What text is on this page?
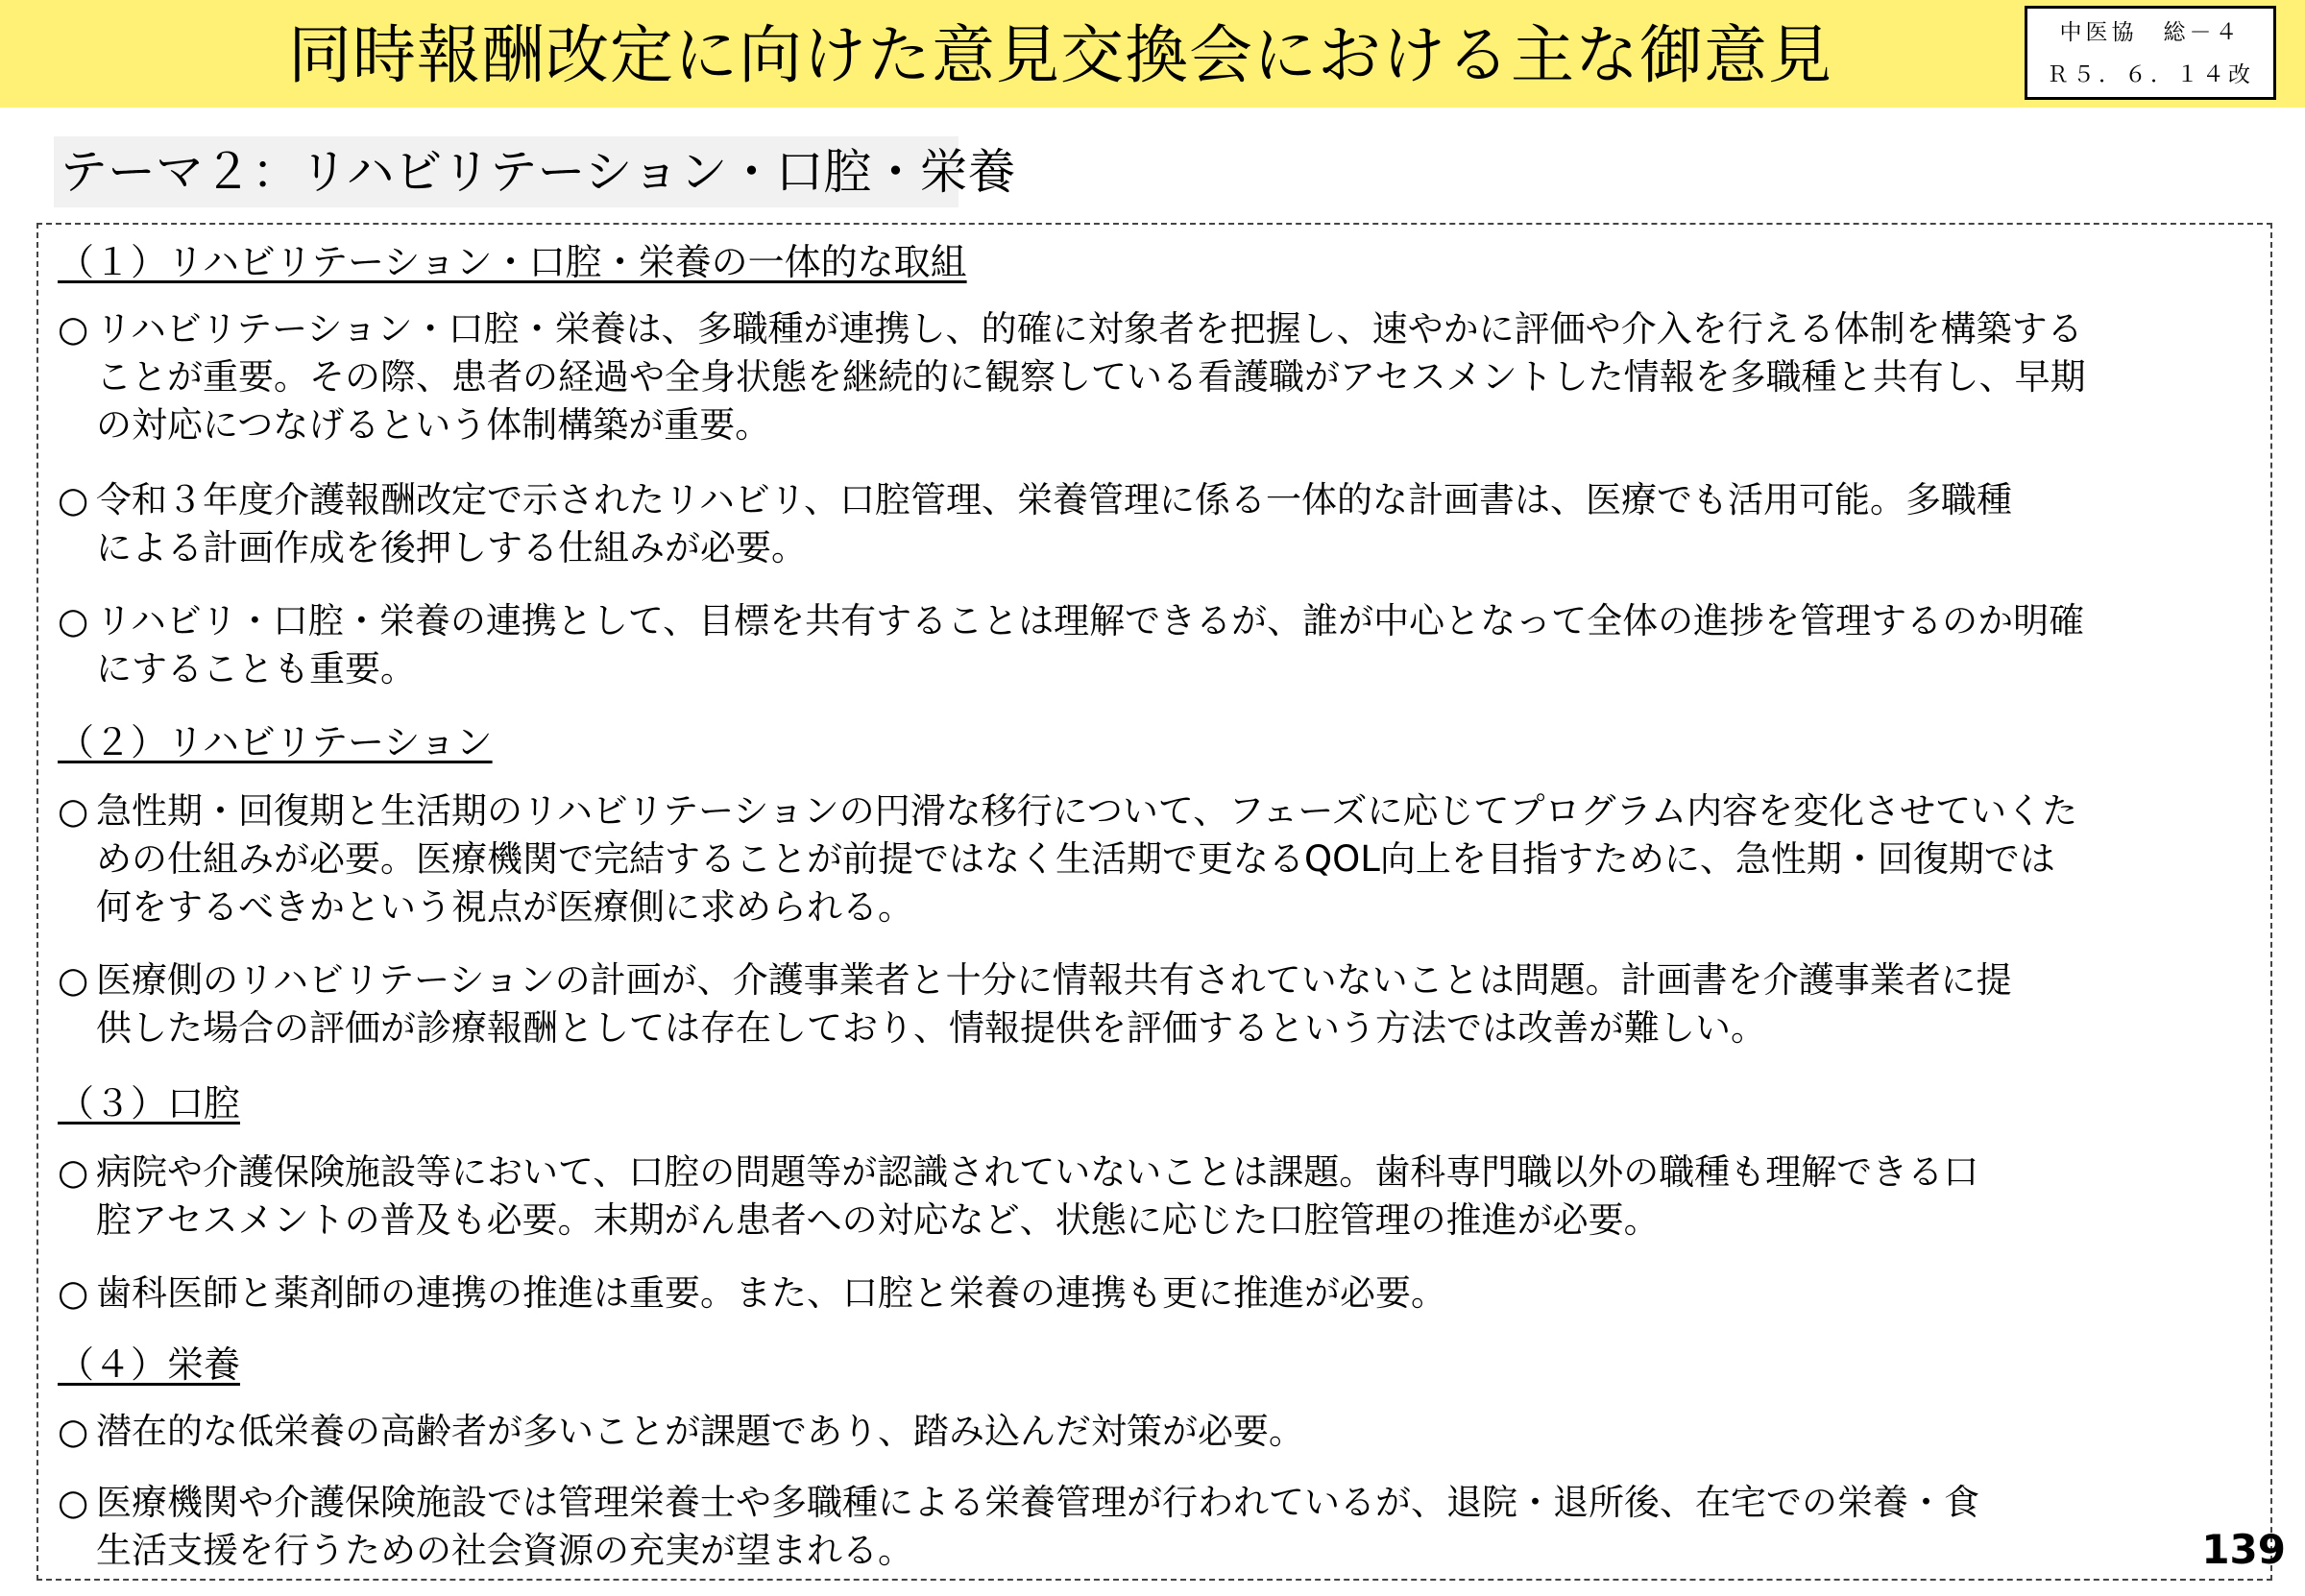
同時報酬改定に向けた意見交換会における主な御意見	中医協　総－４
Ｒ５．６．１４改
テーマ２：リハビリテーション・口腔・栄養
（１）リハビリテーション・口腔・栄養の一体的な取組
○ リハビリテーション・口腔・栄養は、多職種が連携し、的確に対象者を把握し、速やかに評価や介入を行える体制を構築する
ことが重要。その際、患者の経過や全身状態を継続的に観察している看護職がアセスメントした情報を多職種と共有し、早期
の対応につなげるという体制構築が重要。
○ 令和３年度介護報酬改定で示されたリハビリ、口腔管理、栄養管理に係る一体的な計画書は、医療でも活用可能。多職種
による計画作成を後押しする仕組みが必要。
○ リハビリ・口腔・栄養の連携として、目標を共有することは理解できるが、誰が中心となって全体の進捗を管理するのか明確
にすることも重要。
（２）リハビリテーション
○ 急性期・回復期と生活期のリハビリテーションの円滑な移行について、フェーズに応じてプログラム内容を変化させていくた
めの仕組みが必要。医療機関で完結することが前提ではなく生活期で更なるQOL向上を目指すために、急性期・回復期では
何をするべきかという視点が医療側に求められる。
○ 医療側のリハビリテーションの計画が、介護事業者と十分に情報共有されていないことは問題。計画書を介護事業者に提
供した場合の評価が診療報酬としては存在しており、情報提供を評価するという方法では改善が難しい。
（３）口腔
○ 病院や介護保険施設等において、口腔の問題等が認識されていないことは課題。歯科専門職以外の職種も理解できる口
腔アセスメントの普及も必要。末期がん患者への対応など、状態に応じた口腔管理の推進が必要。
○ 歯科医師と薬剤師の連携の推進は重要。また、口腔と栄養の連携も更に推進が必要。
（４）栄養
○ 潜在的な低栄養の高齢者が多いことが課題であり、踏み込んだ対策が必要。
○ 医療機関や介護保険施設では管理栄養士や多職種による栄養管理が行われているが、退院・退所後、在宅での栄養・食
生活支援を行うための社会資源の充実が望まれる。	139
